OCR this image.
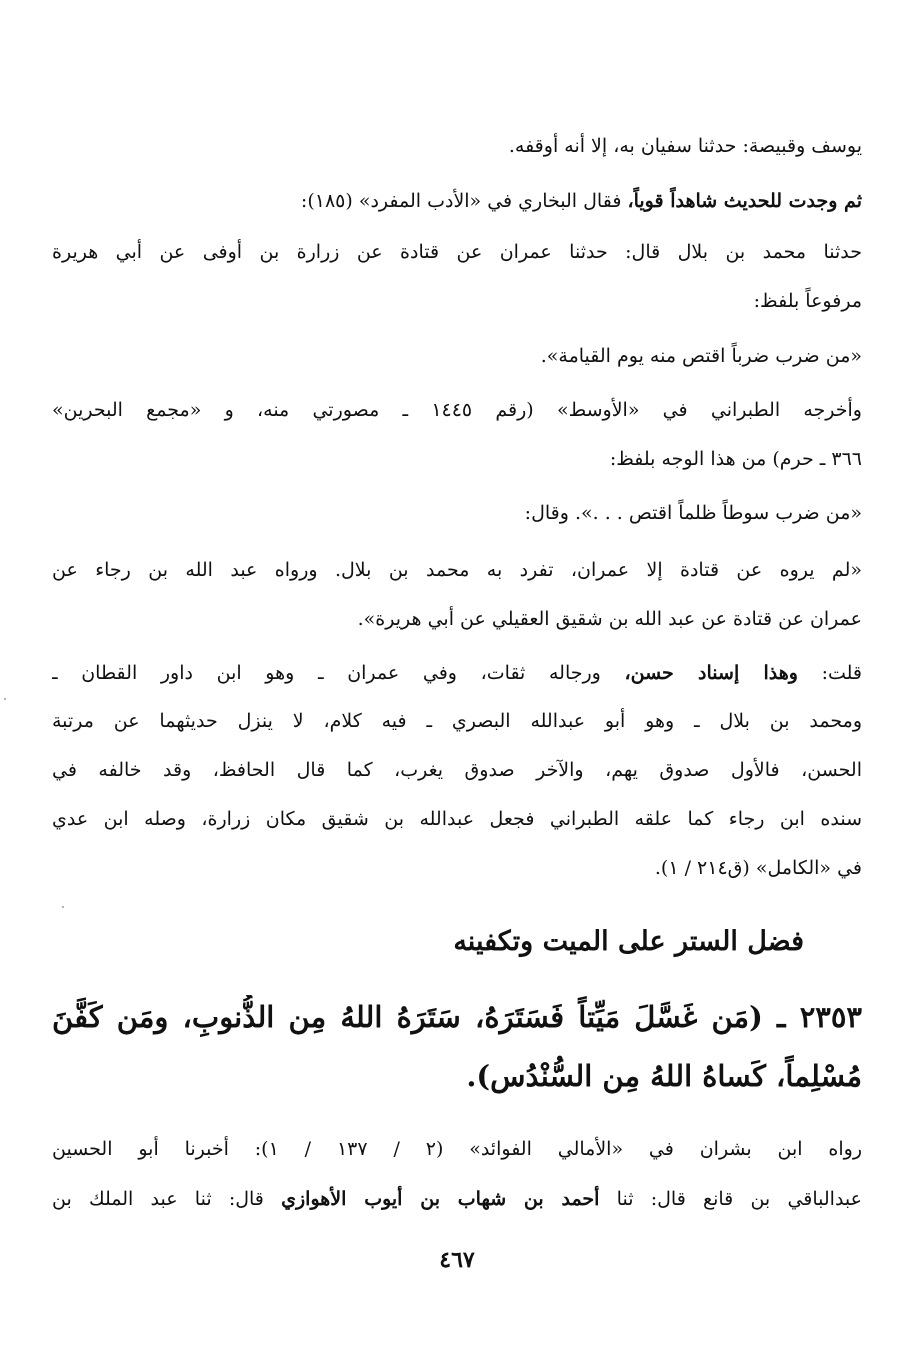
يوسف وقبيصة: حدثنا سفيان به، إلا أنه أوقفه.
ثم وجدت للحديث شاهداً قوياً، فقال البخاري في «الأدب المفرد» (١٨٥):
حدثنا محمد بن بلال قال: حدثنا عمران عن قتادة عن زرارة بن أوفى عن أبي هريرة
مرفوعاً بلفظ:
«من ضرب ضرباً اقتص منه يوم القيامة».
وأخرجه الطبراني في «الأوسط» (رقم ١٤٤٥ ـ مصورتي منه، و «مجمع البحرين»
٣٦٦ ـ حرم) من هذا الوجه بلفظ:
«من ضرب سوطاً ظلماً اقتص . . .». وقال:
«لم يروه عن قتادة إلا عمران، تفرد به محمد بن بلال. ورواه عبد الله بن رجاء عن
عمران عن قتادة عن عبد الله بن شقيق العقيلي عن أبي هريرة».
قلت: وهذا إسناد حسن، ورجاله ثقات، وفي عمران ـ وهو ابن داور القطان ـ
ومحمد بن بلال ـ وهو أبو عبدالله البصري ـ فيه كلام، لا ينزل حديثهما عن مرتبة
الحسن، فالأول صدوق يهم، والآخر صدوق يغرب، كما قال الحافظ، وقد خالفه في
سنده ابن رجاء كما علقه الطبراني فجعل عبدالله بن شقيق مكان زرارة، وصله ابن عدي
في «الكامل» (ق٢١٤ / ١).
فضل الستر على الميت وتكفينه
٢٣٥٣ ـ (مَن غَسَّلَ مَيِّتاً فَسَتَرَهُ، سَتَرَهُ اللهُ مِن الذُّنوبِ، ومَن كَفَّنَ
مُسْلِماً، كَساهُ اللهُ مِن السُّنْدُس).
رواه ابن بشران في «الأمالي الفوائد» (٢ / ١٣٧ / ١): أخبرنا أبو الحسين
عبدالباقي بن قانع قال: ثنا أحمد بن شهاب بن أيوب الأهوازي قال: ثنا عبد الملك بن
٤٦٧
